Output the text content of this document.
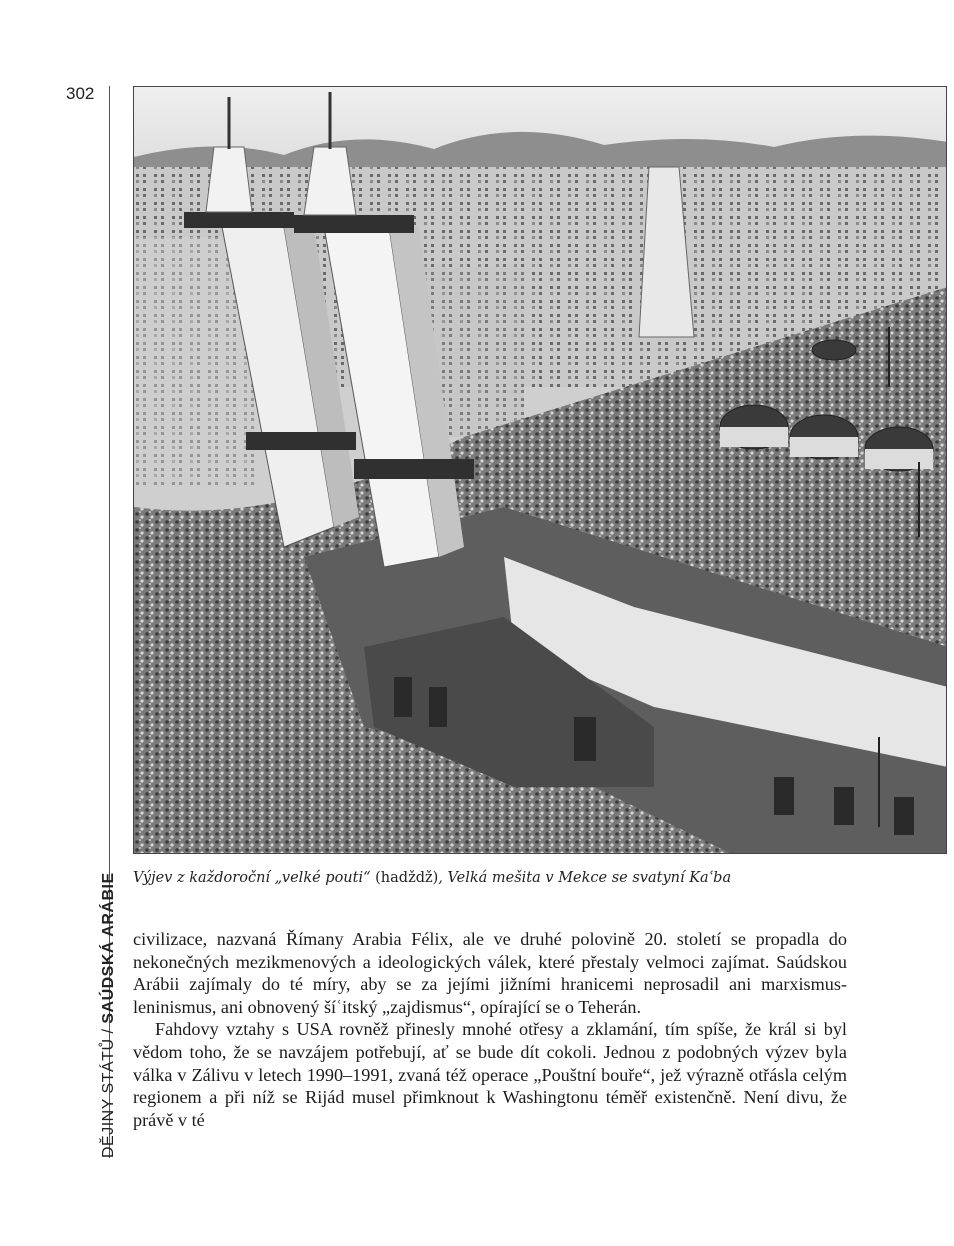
302
DĚJINY STÁTŮ / SAÚDSKÁ ARÁBIE Výjev z každoroční „velké pouti“ (hadždž), Velká mešita v Mekce se svatyní Kaʿba

civilizace, nazvaná Římany Arabia Félix, ale ve druhé polovině 20. století se propadla do nekonečných mezikmenových a ideologických válek, které přestaly velmoci zajímat. Saúdskou Arábii zajímaly do té míry, aby se za jejími jižními hranicemi neprosadil ani marxismus-leninismus, ani obnovený šíʿitský „zajdismus“, opírající se o Teherán.

Fahdovy vztahy s USA rovněž přinesly mnohé otřesy a zklamání, tím spíše, že král si byl vědom toho, že se navzájem potřebují, ať se bude dít cokoli. Jednou z podobných výzev byla válka v Zálivu v letech 1990–1991, zvaná též operace „Pouštní bouře“, jež výrazně otřásla celým regionem a při níž se Rijád musel přimknout k Washingtonu téměř existenčně. Není divu, že právě v té
